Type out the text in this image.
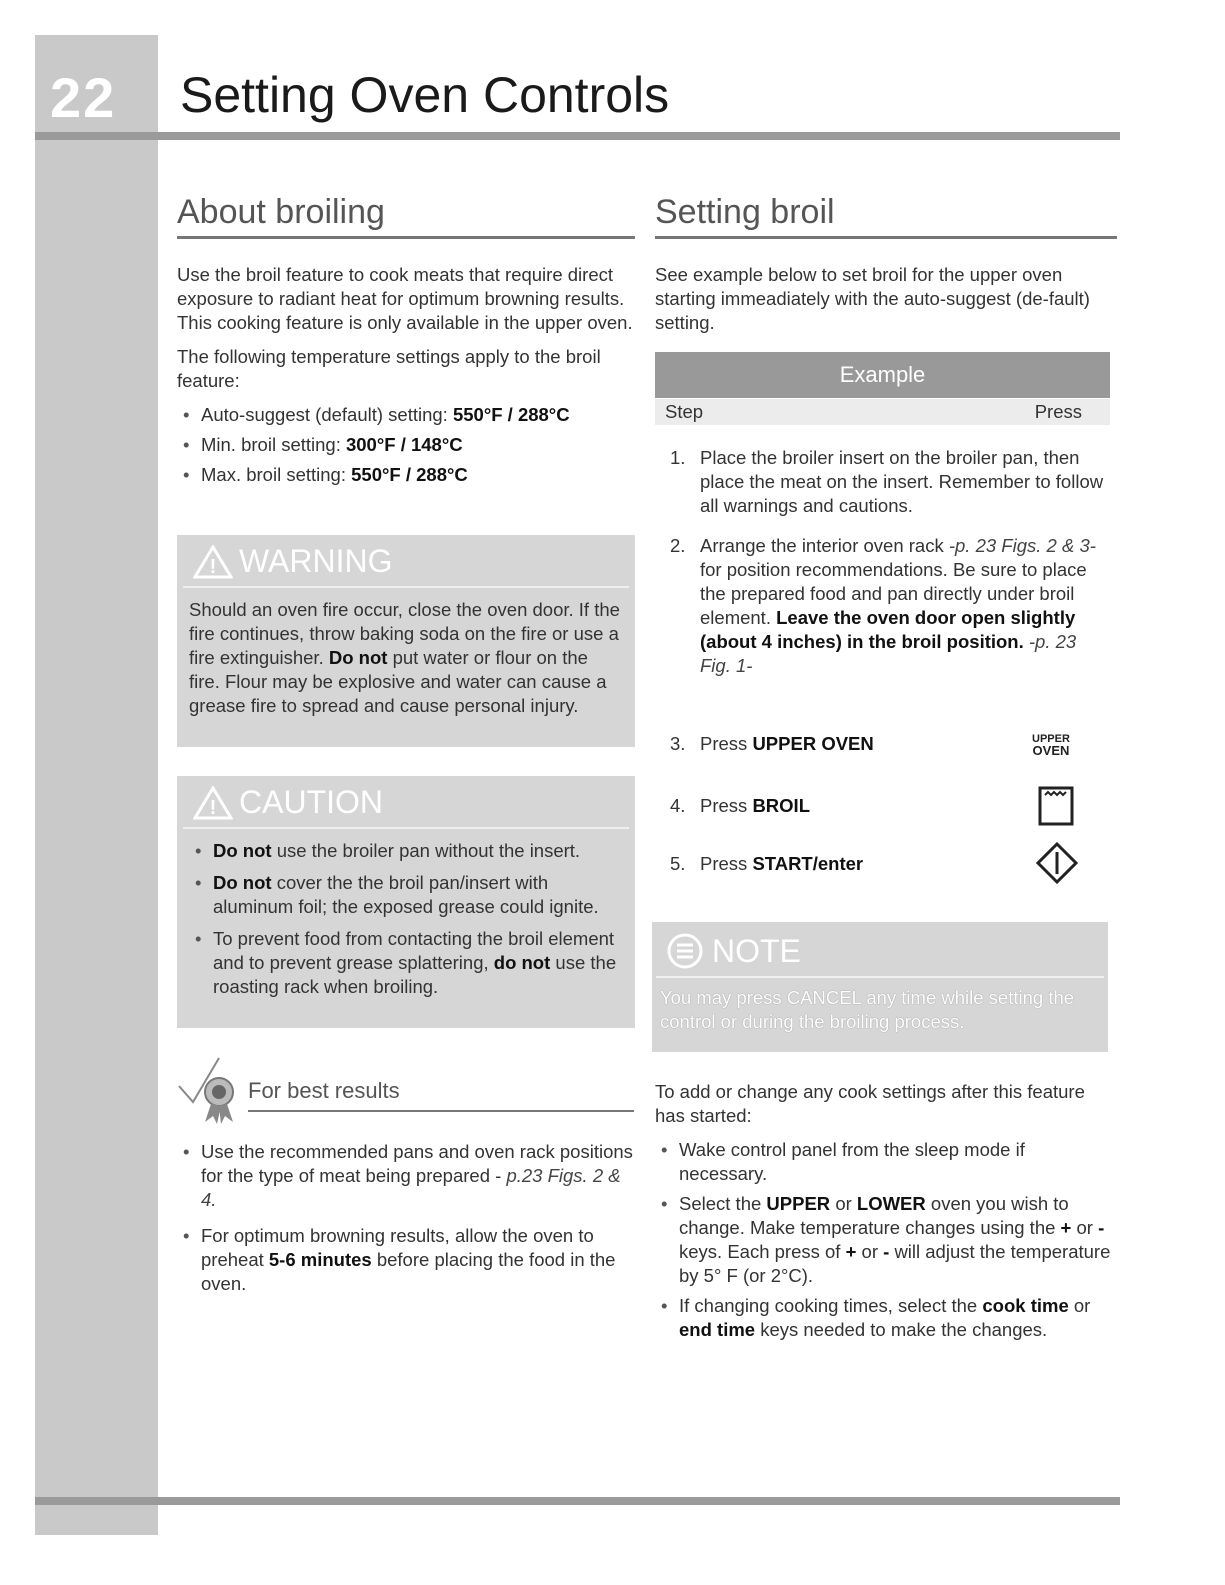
22 Setting Oven Controls
About broiling

Use the broil feature to cook meats that require direct exposure to radiant heat for optimum browning results. This cooking feature is only available in the upper oven.

The following temperature settings apply to the broil feature:

• Auto-suggest (default) setting: 550°F / 288°C
• Min. broil setting: 300°F / 148°C
• Max. broil setting: 550°F / 288°C
! WARNING
Should an oven fire occur, close the oven door. If the fire continues, throw baking soda on the fire or use a fire extinguisher. Do not put water or flour on the fire. Flour may be explosive and water can cause a grease fire to spread and cause personal injury.
! CAUTION
• Do not use the broiler pan without the insert.
• Do not cover the the broil pan/insert with aluminum foil; the exposed grease could ignite.
• To prevent food from contacting the broil element and to prevent grease splattering, do not use the roasting rack when broiling.
For best results
• Use the recommended pans and oven rack positions for the type of meat being prepared - p.23 Figs. 2 & 4.
• For optimum browning results, allow the oven to preheat 5-6 minutes before placing the food in the oven.
Setting broil

See example below to set broil for the upper oven starting immeadiately with the auto-suggest (de-fault) setting.

Example
Step	Press
1. Place the broiler insert on the broiler pan, then place the meat on the insert. Remember to follow all warnings and cautions.
2. Arrange the interior oven rack -p. 23 Figs. 2 & 3- for position recommendations. Be sure to place the prepared food and pan directly under broil element. Leave the oven door open slightly (about 4 inches) in the broil position. -p. 23 Fig. 1-
3. Press UPPER OVEN	UPPER
OVEN
4. Press BROIL
5. Press START/enter
NOTE
You may press CANCEL any time while setting the control or during the broiling process.

To add or change any cook settings after this feature has started:

• Wake control panel from the sleep mode if necessary.
• Select the UPPER or LOWER oven you wish to change. Make temperature changes using the + or - keys. Each press of + or - will adjust the temperature by 5° F (or 2°C).
• If changing cooking times, select the cook time or end time keys needed to make the changes.
